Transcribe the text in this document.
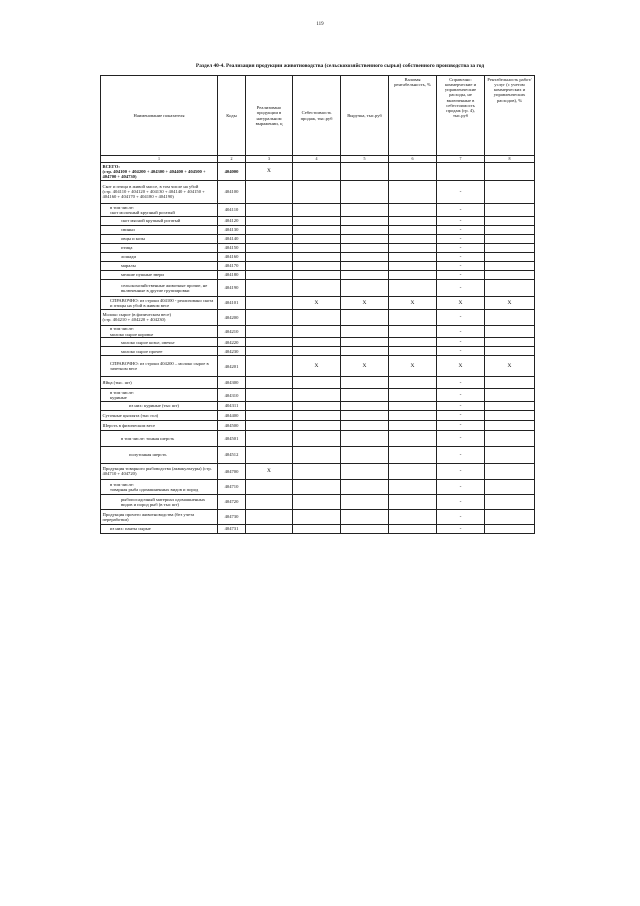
119
Раздел 40-4. Реализация продукции животноводства (сельскохозяйственного сырья) собственного производства за год
Наименование показателя	Коды	Реализовано продукции в натуральном выражении, ц	Себестоимость продаж, тыс.руб	Выручка, тыс.руб	Валовая рентабельность, %	Справочно: коммерческие и управленческие расходы, не включенные в себестоимость продаж (гр. 4), тыс.руб	Рентабельность работ/услуг (с учетом коммерческих и управленческих расходов), %
1	2	3	4	5	6	7	8
ВСЕГО:
(стр. 404100 + 404200 + 404300 + 404400 + 404500 + 404700 + 404730)	404000	X					
Скот и птица в живой массе, в том числе на убой
(стр. 404110 + 404120 + 404130 + 404140 + 404150 + 404160 + 404170 + 404180 + 404190)	404100					-	
в том числе:
скот молочный крупный рогатый	404110					-	
скот мясной крупный рогатый	404120					-	
свиньи	404130					-	
овцы и козы	404140					-	
птица	404150					-	
лошади	404160					-	
маралы	404170					-	
мелкие пушные звери	404180					-	
сельскохозяйственные животные прочие, не включенные в другие группировки	404190					-	
СПРАВОЧНО: из строки 404100 - реализовано скота и птицы на убой в живом весе	404101		X	X	X	X	X
Молоко сырое (в физическом весе)
(стр. 404210 + 404220 + 404230)	404200					-	
в том числе:
молоко сырое коровье	404210					-	
молоко сырое козье, овечье	404220					-	
молоко сырое прочее	404230					-	
СПРАВОЧНО: из строки 404200 – молоко сырое в зачетном весе	404201		X	X	X	X	X
Яйца (тыс. шт)	404300					-	
в том числе:
куриные	404310					-	
из них: куриные (тыс шт)	404311					-	
Суточные цыплята (тыс гол)	404400					-	
Шерсть в физическом весе	404500					-	
в том числе: тонкая шерсть	404501					-	
полутонкая шерсть	404512					-	
Продукция товарного рыбоводства (аквакультуры) (стр. 404710 + 404720)	404700	X				-	
в том числе:
товарная рыба одомашненных видов и пород	404710					-	
рыбопосадочный материал одомашненных видов и пород рыб (в тыс шт)	404720					-	
Продукция прочего животноводства (без учета переработки)	404730					-	
из них: панты сырые	404731					-	
